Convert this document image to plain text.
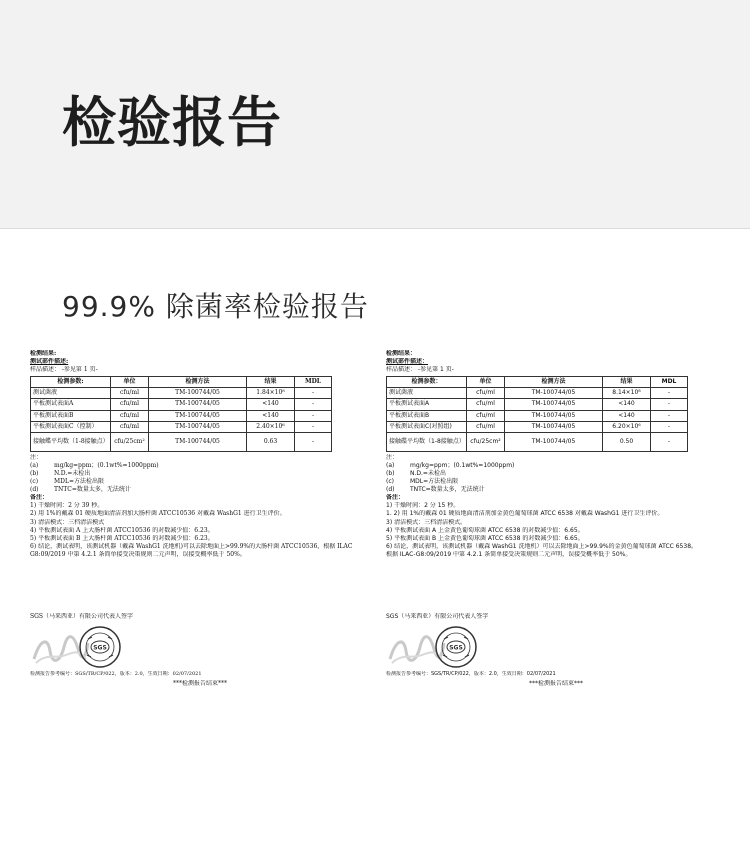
检验报告
99.9% 除菌率检验报告
检测结果:
测试部件描述:
样品描述： -参见第 1 页-
检测参数:	单位	检测方法	结果	MDL
测试菌液	cfu/ml	TM-100744/05	1.84×10⁸	-
平板测试表面A	cfu/ml	TM-100744/05	<140	-
平板测试表面B	cfu/ml	TM-100744/05	<140	-
平板测试表面C（控制）	cfu/ml	TM-100744/05	2.40×10⁶	-
接触蝶平均数（1-8接触点）	cfu/25cm²	TM-100744/05	0.63	-
注：
(a)	mg/kg=ppm；(0.1wt%=1000ppm)
(b)	N.D.=未检出
(c)	MDL=方法检出限
(d)	TNTC=数量太多，无法统计
备注：
1) 干燥时间：2 分 39 秒。
2) 用 1%的戴森 01 硬质地面清洁剂加大肠杆菌 ATCC10536 对戴森 WashG1 进行卫生评价。
3) 清洁模式：三档清洁模式
4) 平板测试表面 A 上大肠杆菌 ATCC10536 的对数减少值：6.23。
5) 平板测试表面 B 上大肠杆菌 ATCC10536 的对数减少值：6.23。
6) 结论，测试表明，该测试机器（戴森 WashG1 洗地机)可以去除地面上>99.9%的大肠杆菌 ATCC10536，根据 ILAC
G8:09/2019 中第 4.2.1 条简单接受决策规则二元声明，误接受概率低于 50%。
SGS（马来西亚）有限公司代表人签字
SGS
检测报告参考编号：SGS/TR/CP/022，版本：2.0，生效日期：02/07/2021
***检测报告结束***
检测结果：
测试部件描述：
样品描述： -参见第 1 页-
检测参数：	单位	检测方法	结果	MDL
测试菌液	cfu/ml	TM-100744/05	8.14×10⁸	-
平板测试表面A	cfu/ml	TM-100744/05	<140	-
平板测试表面B	cfu/ml	TM-100744/05	<140	-
平板测试表面C(对照组)	cfu/ml	TM-100744/05	6.20×10⁶	-
接触碟平均数（1-8接触点）	cfu/25cm²	TM-100744/05	0.50	-
注：
(a)	mg/kg=ppm；(0.1wt%=1000ppm)
(b)	N.D.=未检出
(c)	MDL=方法检出限
(d)	TNTC=数量太多，无法统计
备注：
1) 干燥时间：2 分 15 秒。
1. 2) 用 1%的戴森 01 硬质地面清洁剂加金黄色葡萄球菌 ATCC 6538 对戴森 WashG1 进行卫生评价。
3) 清洁模式：三档清洁模式。
4) 平板测试表面 A 上金黄色葡萄球菌 ATCC 6538 的对数减少值：6.65。
5) 平板测试表面 B 上金黄色葡萄球菌 ATCC 6538 的对数减少值：6.65。
6) 结论，测试表明，该测试机器（戴森 WashG1 洗地机）可以去除地面上>99.9%的金黄色葡萄球菌 ATCC 6538。
根据 ILAC-G8:09/2019 中第 4.2.1 条简单接受决策规则二元声明，误接受概率低于 50%。
SGS（马来西亚）有限公司代表人签字
SGS
检测报告参考编号：SGS/TR/CP/022，版本：2.0，生效日期：02/07/2021
***检测报告结束***
